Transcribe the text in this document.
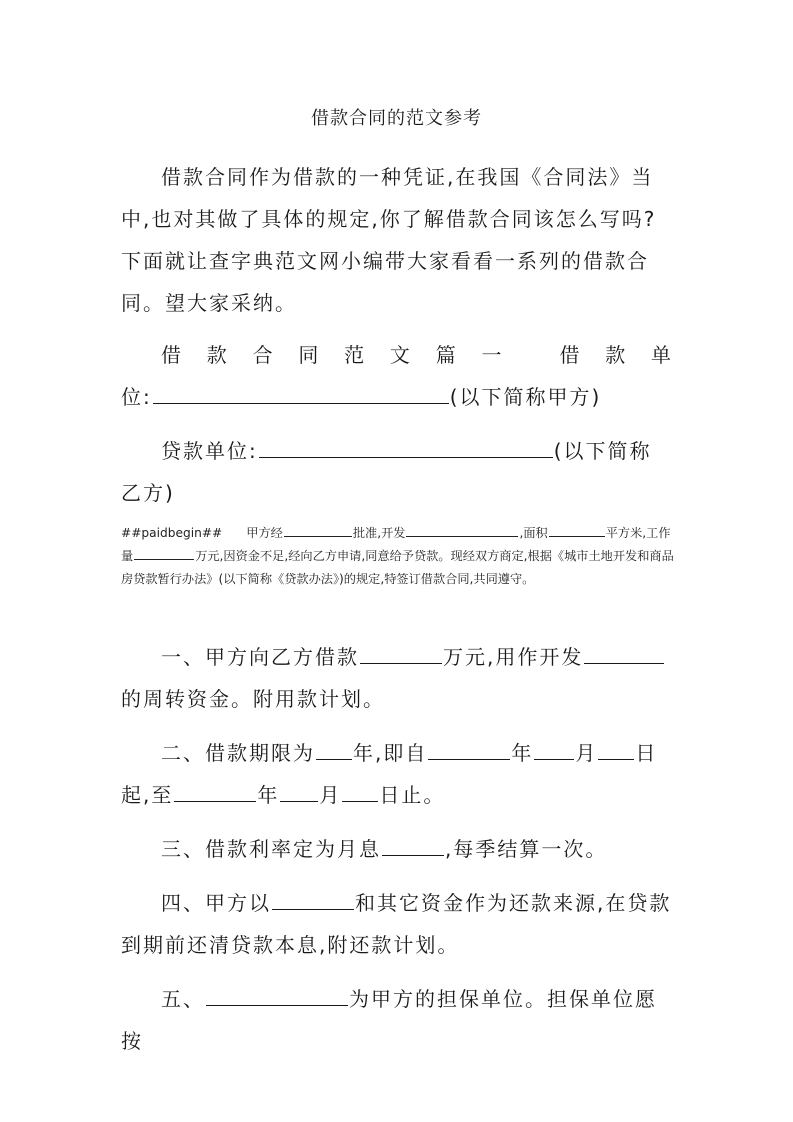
借款合同的范文参考

借款合同作为借款的一种凭证,在我国《合同法》当中,也对其做了具体的规定,你了解借款合同该怎么写吗?下面就让查字典范文网小编带大家看看一系列的借款合同。望大家采纳。

借款合同范文篇一 借款单
位:	(以下简称甲方)

贷款单位:	(以下简称乙方)

##paidbegin## 甲方经	批准,开发	,面积	平方米,工作量	万元,因资金不足,经向乙方申请,同意给予贷款。现经双方商定,根据《城市土地开发和商品房贷款暂行办法》(以下简称《贷款办法》)的规定,特签订借款合同,共同遵守。

一、甲方向乙方借款	万元,用作开发的周转资金。附用款计划。

二、借款期限为 年,即自	年 月 日起,至	年 月 日止。

三、借款利率定为月息	,每季结算一次。

四、甲方以	和其它资金作为还款来源,在贷款到期前还清贷款本息,附还款计划。

五、	为甲方的担保单位。担保单位愿按
